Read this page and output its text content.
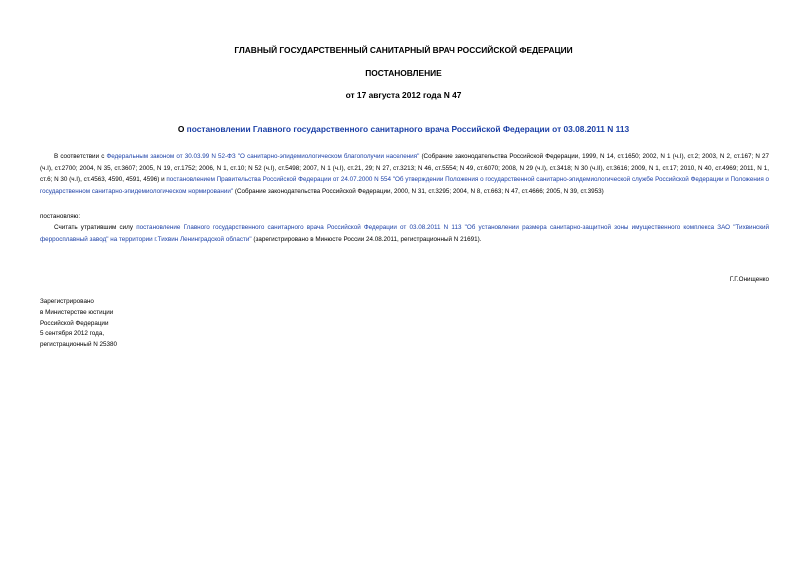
ГЛАВНЫЙ ГОСУДАРСТВЕННЫЙ САНИТАРНЫЙ ВРАЧ РОССИЙСКОЙ ФЕДЕРАЦИИ
ПОСТАНОВЛЕНИЕ
от 17 августа 2012 года N 47
О постановлении Главного государственного санитарного врача Российской Федерации от 03.08.2011 N 113
В соответствии с Федеральным законом от 30.03.99 N 52-ФЗ "О санитарно-эпидемиологическом благополучии населения" (Собрание законодательства Российской Федерации, 1999, N 14, ст.1650; 2002, N 1 (ч.I), ст.2; 2003, N 2, ст.167; N 27 (ч.I), ст.2700; 2004, N 35, ст.3607; 2005, N 19, ст.1752; 2006, N 1, ст.10; N 52 (ч.I), ст.5498; 2007, N 1 (ч.I), ст.21, 29; N 27, ст.3213; N 46, ст.5554; N 49, ст.6070; 2008, N 29 (ч.I), ст.3418; N 30 (ч.II), ст.3616; 2009, N 1, ст.17; 2010, N 40, ст.4969; 2011, N 1, ст.6; N 30 (ч.I), ст.4563, 4590, 4591, 4596) и постановлением Правительства Российской Федерации от 24.07.2000 N 554 "Об утверждении Положения о государственной санитарно-эпидемиологической службе Российской Федерации и Положения о государственном санитарно-эпидемиологическом нормировании" (Собрание законодательства Российской Федерации, 2000, N 31, ст.3295; 2004, N 8, ст.663; N 47, ст.4666; 2005, N 39, ст.3953)
постановляю:
Считать утратившим силу постановление Главного государственного санитарного врача Российской Федерации от 03.08.2011 N 113 "Об установлении размера санитарно-защитной зоны имущественного комплекса ЗАО "Тихвинский ферросплавный завод" на территории г.Тихвин Ленинградской области" (зарегистрировано в Минюсте России 24.08.2011, регистрационный N 21691).
Г.Г.Онищенко
Зарегистрировано
в Министерстве юстиции
Российской Федерации
5 сентября 2012 года,
регистрационный N 25380
